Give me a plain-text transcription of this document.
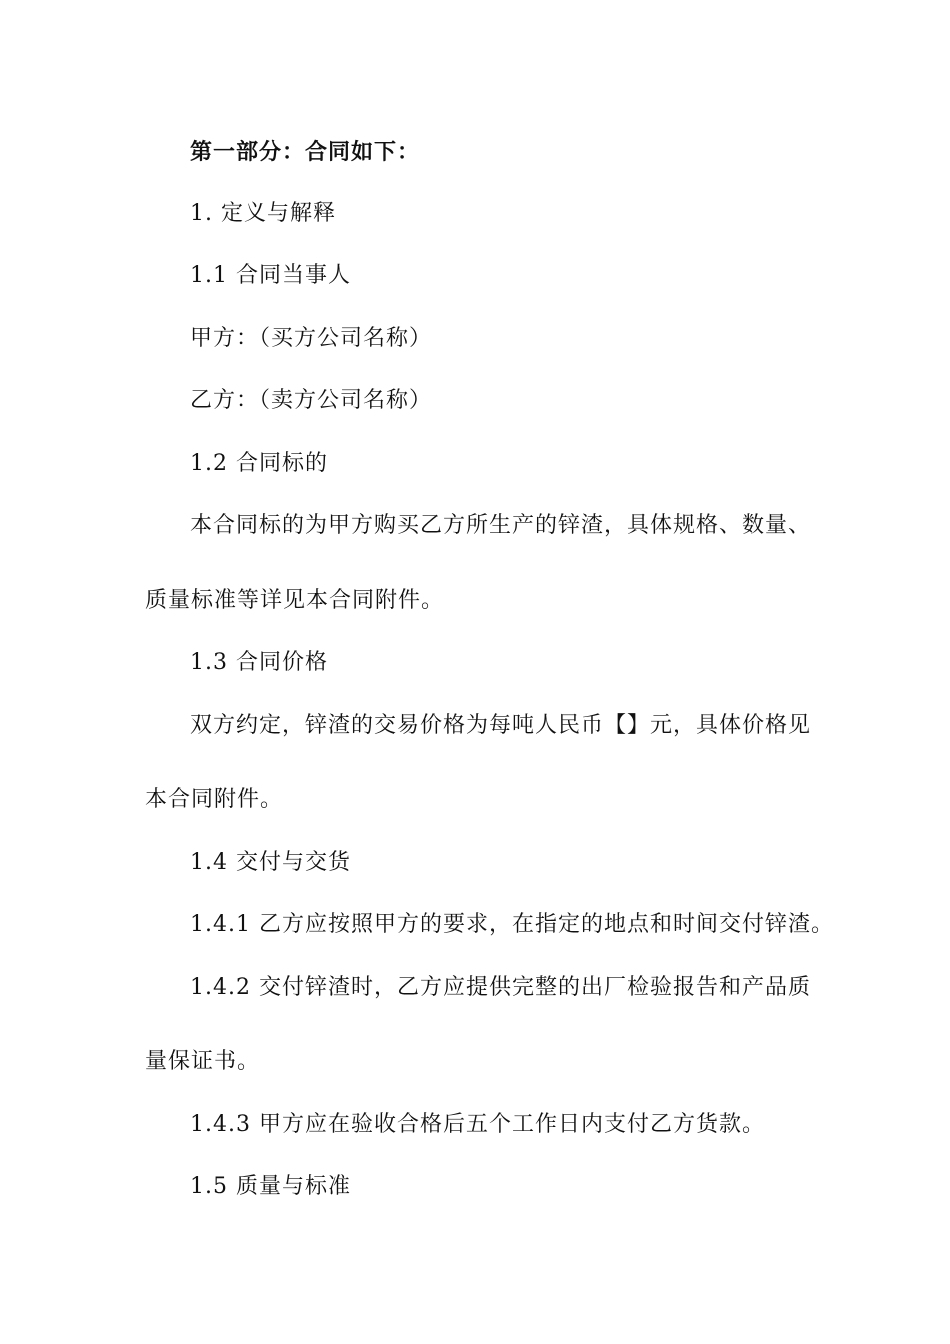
第一部分：合同如下：
1. 定义与解释
1.1 合同当事人
甲方：（买方公司名称）
乙方：（卖方公司名称）
1.2 合同标的
本合同标的为甲方购买乙方所生产的锌渣，具体规格、数量、
质量标准等详见本合同附件。
1.3 合同价格
双方约定，锌渣的交易价格为每吨人民币【】元，具体价格见
本合同附件。
1.4 交付与交货
1.4.1 乙方应按照甲方的要求，在指定的地点和时间交付锌渣。
1.4.2 交付锌渣时，乙方应提供完整的出厂检验报告和产品质
量保证书。
1.4.3 甲方应在验收合格后五个工作日内支付乙方货款。
1.5 质量与标准
